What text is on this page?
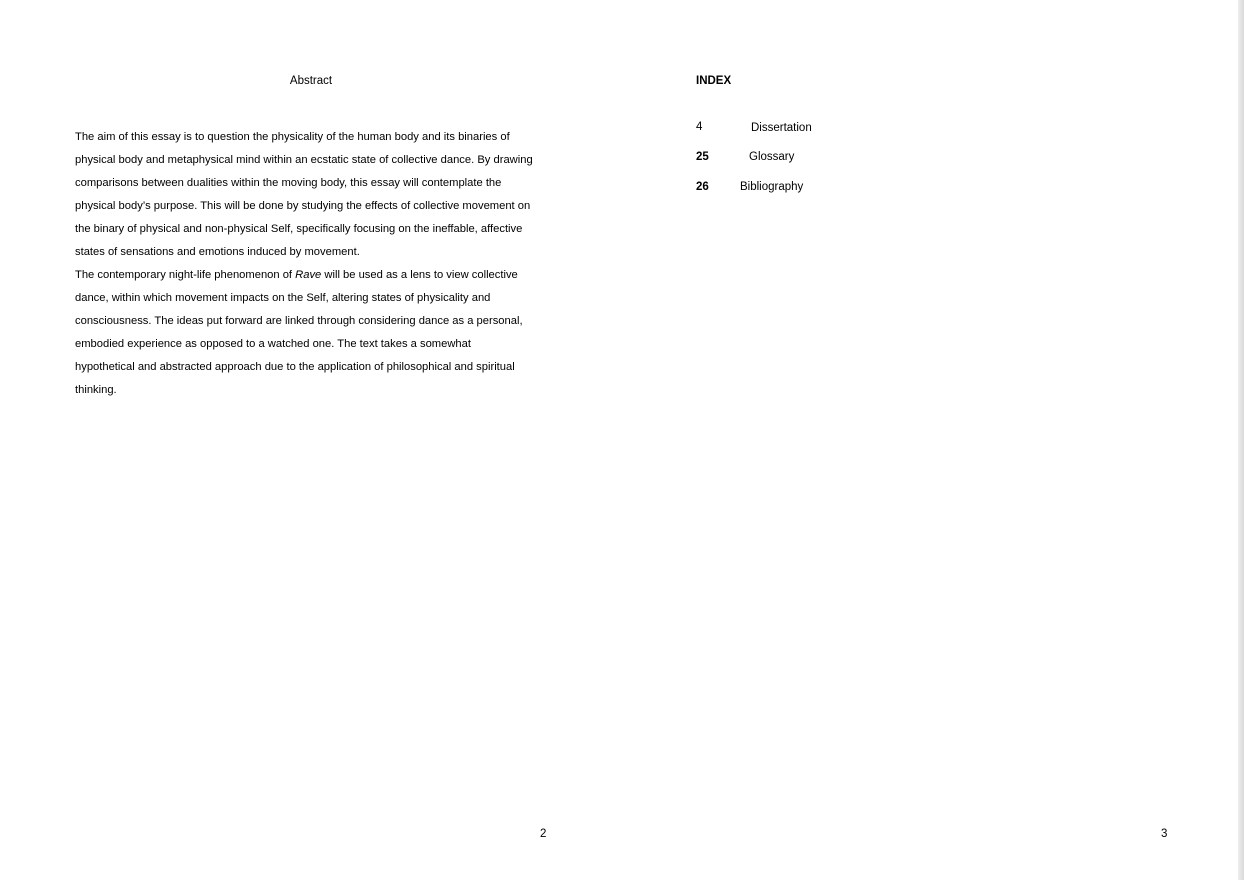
Abstract

The aim of this essay is to question the physicality of the human body and its binaries of
physical body and metaphysical mind within an ecstatic state of collective dance. By drawing
comparisons between dualities within the moving body, this essay will contemplate the
physical body’s purpose. This will be done by studying the effects of collective movement on
the binary of physical and non-physical Self, specifically focusing on the ineffable, affective
states of sensations and emotions induced by movement.

The contemporary night-life phenomenon of Rave will be used as a lens to view collective
dance, within which movement impacts on the Self, altering states of physicality and
consciousness. The ideas put forward are linked through considering dance as a personal,
embodied experience as opposed to a watched one. The text takes a somewhat
hypothetical and abstracted approach due to the application of philosophical and spiritual
thinking.

2
INDEX
4	Dissertation
25	Glossary
26	Bibliography
3
